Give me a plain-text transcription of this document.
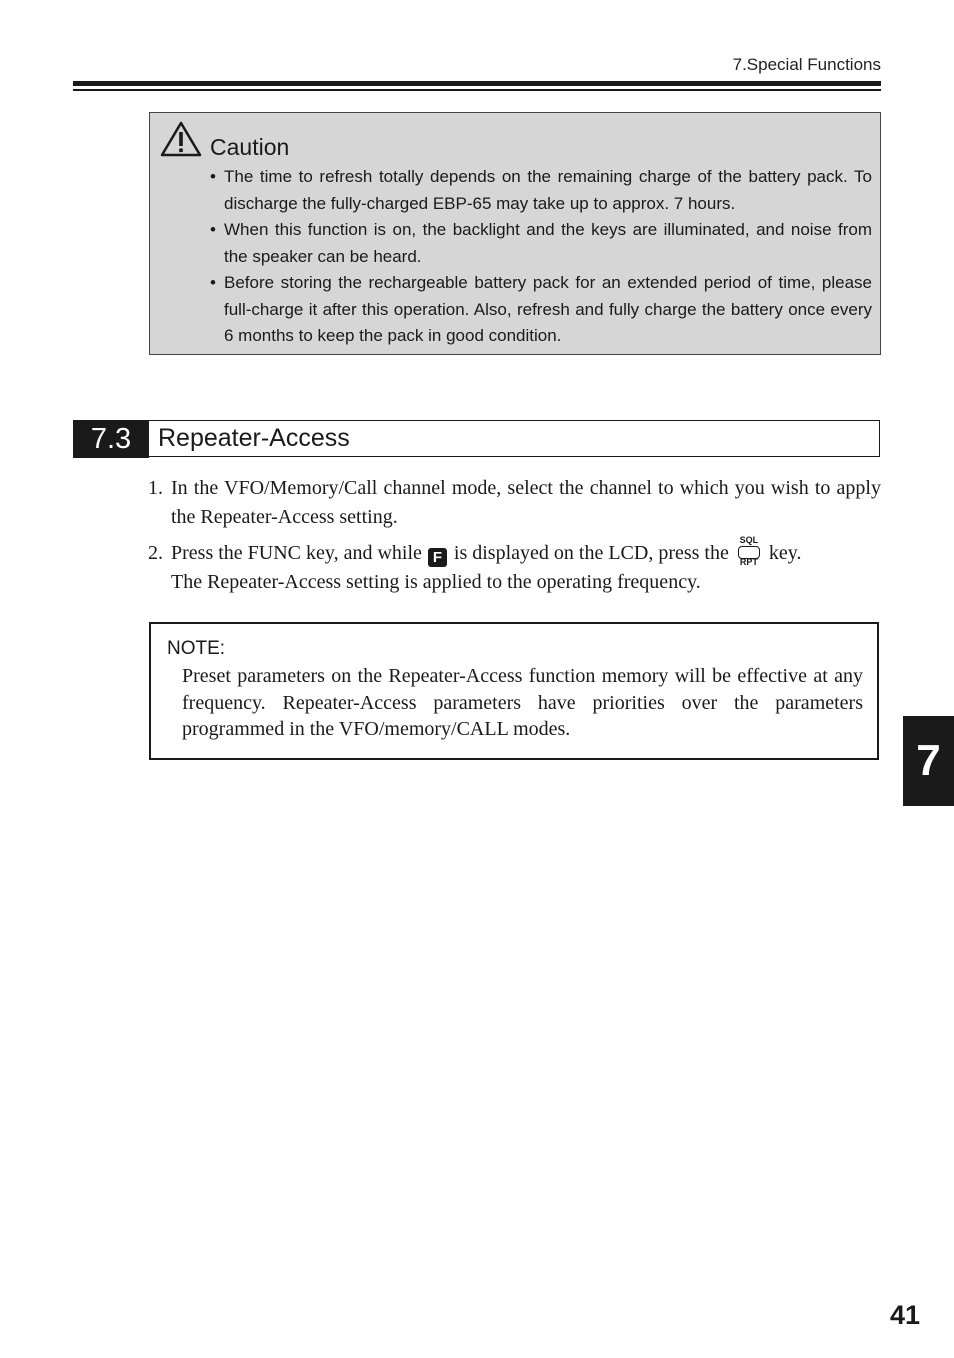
7.Special Functions
Caution
• The time to refresh totally depends on the remaining charge of the battery pack. To discharge the fully-charged EBP-65 may take up to approx. 7 hours.
• When this function is on, the backlight and the keys are illuminated, and noise from the speaker can be heard.
• Before storing the rechargeable battery pack for an extended period of time, please full-charge it after this operation. Also, refresh and fully charge the battery once every 6 months to keep the pack in good condition.
7.3	Repeater-Access
1. In the VFO/Memory/Call channel mode, select the channel to which you wish to apply the Repeater-Access setting.
2. Press the FUNC key, and while F is displayed on the LCD, press the
SQL
RPT key.
The Repeater-Access setting is applied to the operating frequency.
NOTE:
Preset parameters on the Repeater-Access function memory will be effective at any frequency. Repeater-Access parameters have priorities over the parameters programmed in the VFO/memory/CALL modes.
7
41
